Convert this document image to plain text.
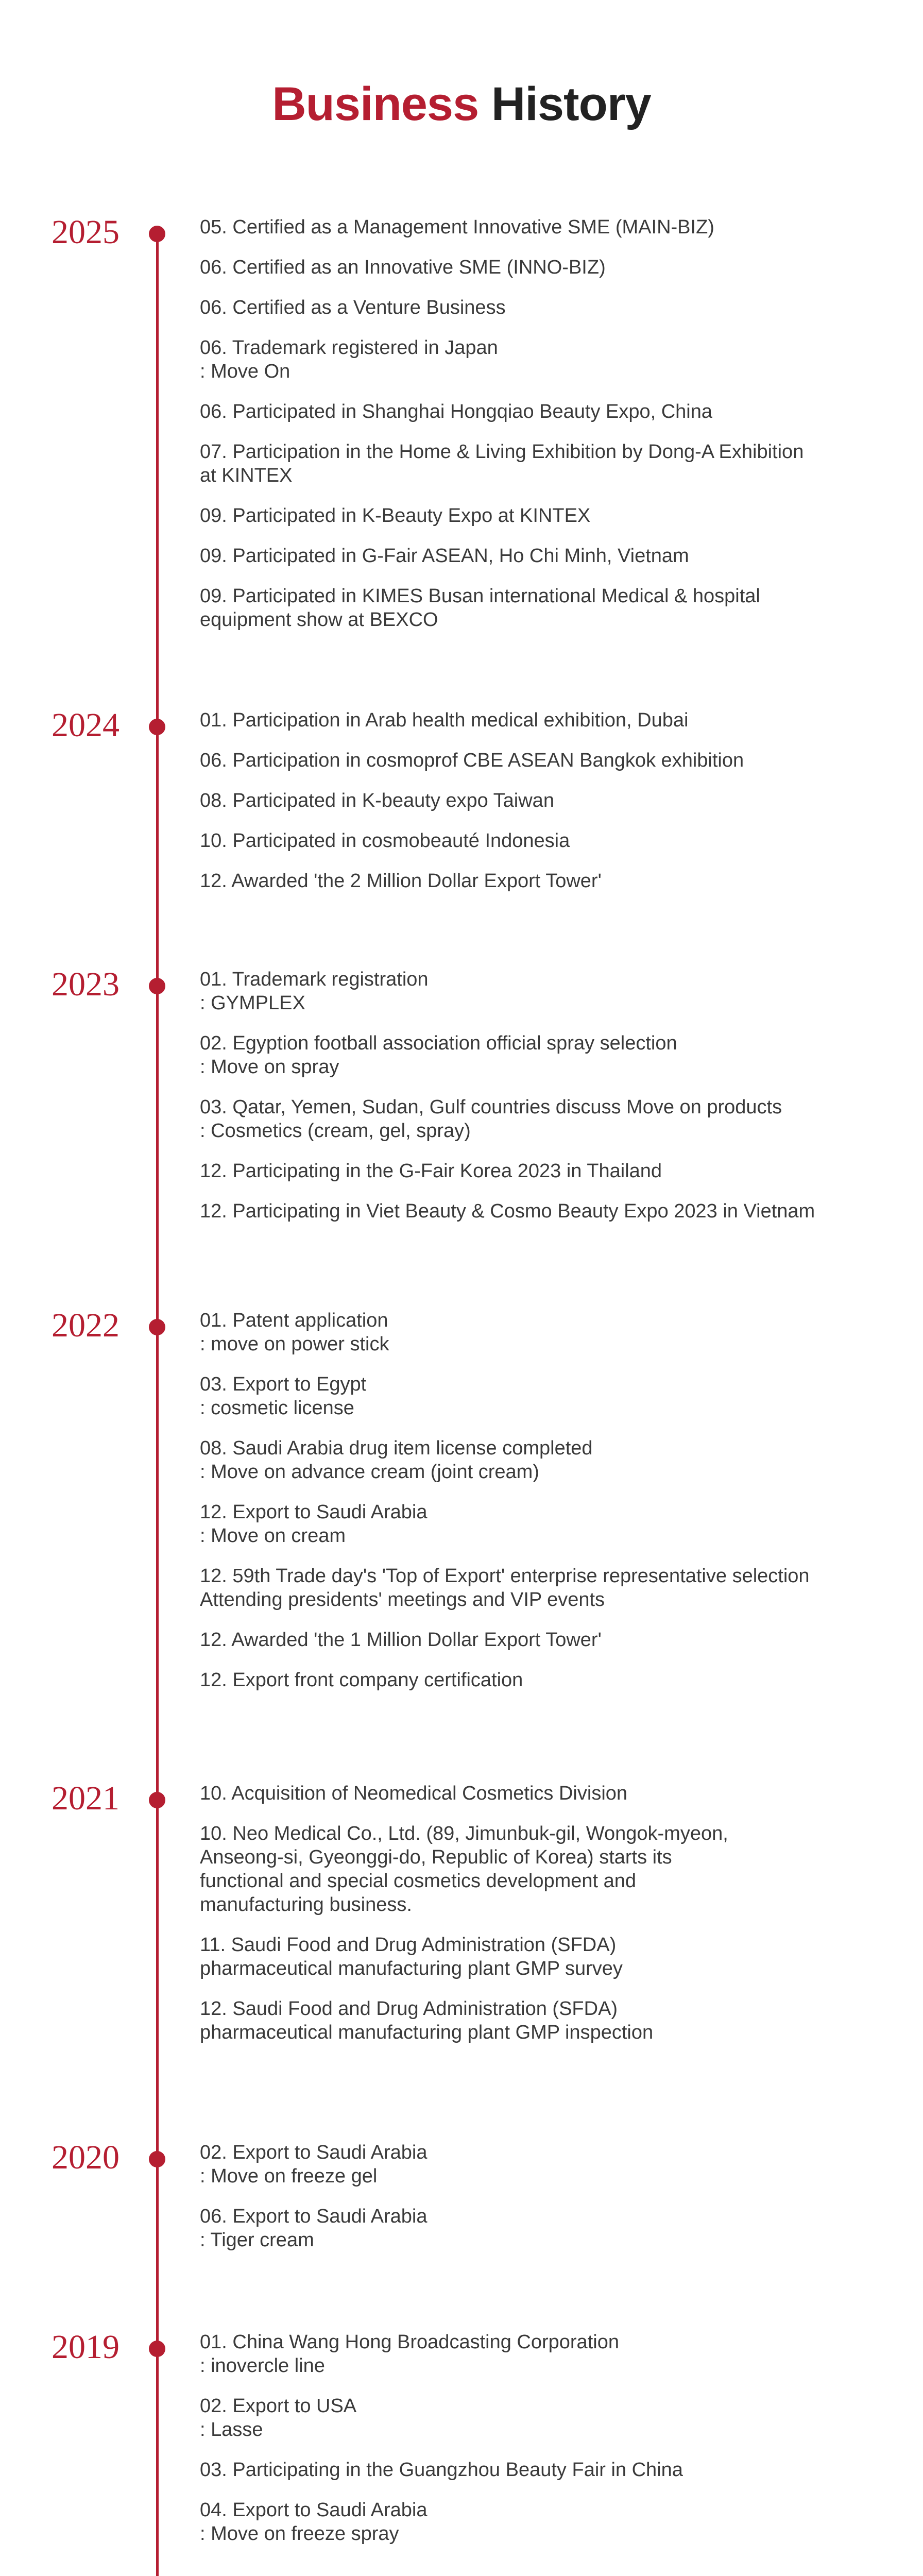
Business History
2025	05. Certified as a Management Innovative SME (MAIN-BIZ)
06. Certified as an Innovative SME (INNO-BIZ)
06. Certified as a Venture Business
06. Trademark registered in Japan
: Move On
06. Participated in Shanghai Hongqiao Beauty Expo, China
07. Participation in the Home & Living Exhibition by Dong-A Exhibition
at KINTEX
09. Participated in K-Beauty Expo at KINTEX
09. Participated in G-Fair ASEAN, Ho Chi Minh, Vietnam
09. Participated in KIMES Busan international Medical & hospital
equipment show at BEXCO
2024	01. Participation in Arab health medical exhibition, Dubai
06. Participation in cosmoprof CBE ASEAN Bangkok exhibition
08. Participated in K-beauty expo Taiwan
10. Participated in cosmobeauté Indonesia
12. Awarded 'the 2 Million Dollar Export Tower'
2023	01. Trademark registration
: GYMPLEX
02. Egyption football association official spray selection
: Move on spray
03. Qatar, Yemen, Sudan, Gulf countries discuss Move on products
: Cosmetics (cream, gel, spray)
12. Participating in the G-Fair Korea 2023 in Thailand
12. Participating in Viet Beauty & Cosmo Beauty Expo 2023 in Vietnam
2022	01. Patent application
: move on power stick
03. Export to Egypt
: cosmetic license
08. Saudi Arabia drug item license completed
: Move on advance cream (joint cream)
12. Export to Saudi Arabia
: Move on cream
12. 59th Trade day's 'Top of Export' enterprise representative selection
Attending presidents' meetings and VIP events
12. Awarded 'the 1 Million Dollar Export Tower'
12. Export front company certification
2021	10. Acquisition of Neomedical Cosmetics Division
10. Neo Medical Co., Ltd. (89, Jimunbuk-gil, Wongok-myeon,
Anseong-si, Gyeonggi-do, Republic of Korea) starts its
functional and special cosmetics development and
manufacturing business.
11. Saudi Food and Drug Administration (SFDA)
pharmaceutical manufacturing plant GMP survey
12. Saudi Food and Drug Administration (SFDA)
pharmaceutical manufacturing plant GMP inspection
2020	02. Export to Saudi Arabia
: Move on freeze gel
06. Export to Saudi Arabia
: Tiger cream
2019	01. China Wang Hong Broadcasting Corporation
: inovercle line
02. Export to USA
: Lasse
03. Participating in the Guangzhou Beauty Fair in China
04. Export to Saudi Arabia
: Move on freeze spray
